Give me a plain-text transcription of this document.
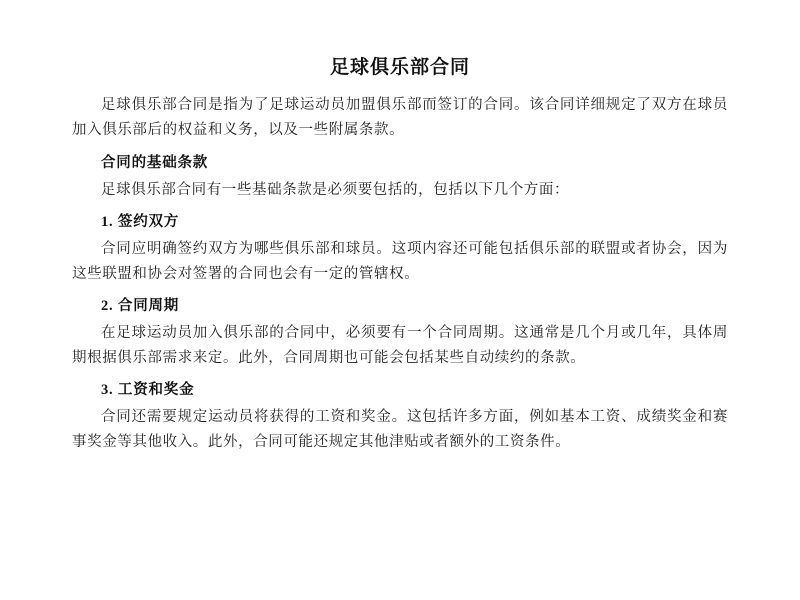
足球俱乐部合同

足球俱乐部合同是指为了足球运动员加盟俱乐部而签订的合同。该合同详细规定了双方在球员加入俱乐部后的权益和义务，以及一些附属条款。

合同的基础条款

足球俱乐部合同有一些基础条款是必须要包括的，包括以下几个方面：

1. 签约双方

合同应明确签约双方为哪些俱乐部和球员。这项内容还可能包括俱乐部的联盟或者协会，因为这些联盟和协会对签署的合同也会有一定的管辖权。

2. 合同周期

在足球运动员加入俱乐部的合同中，必须要有一个合同周期。这通常是几个月或几年，具体周期根据俱乐部需求来定。此外，合同周期也可能会包括某些自动续约的条款。

3. 工资和奖金

合同还需要规定运动员将获得的工资和奖金。这包括许多方面，例如基本工资、成绩奖金和赛事奖金等其他收入。此外，合同可能还规定其他津贴或者额外的工资条件。
